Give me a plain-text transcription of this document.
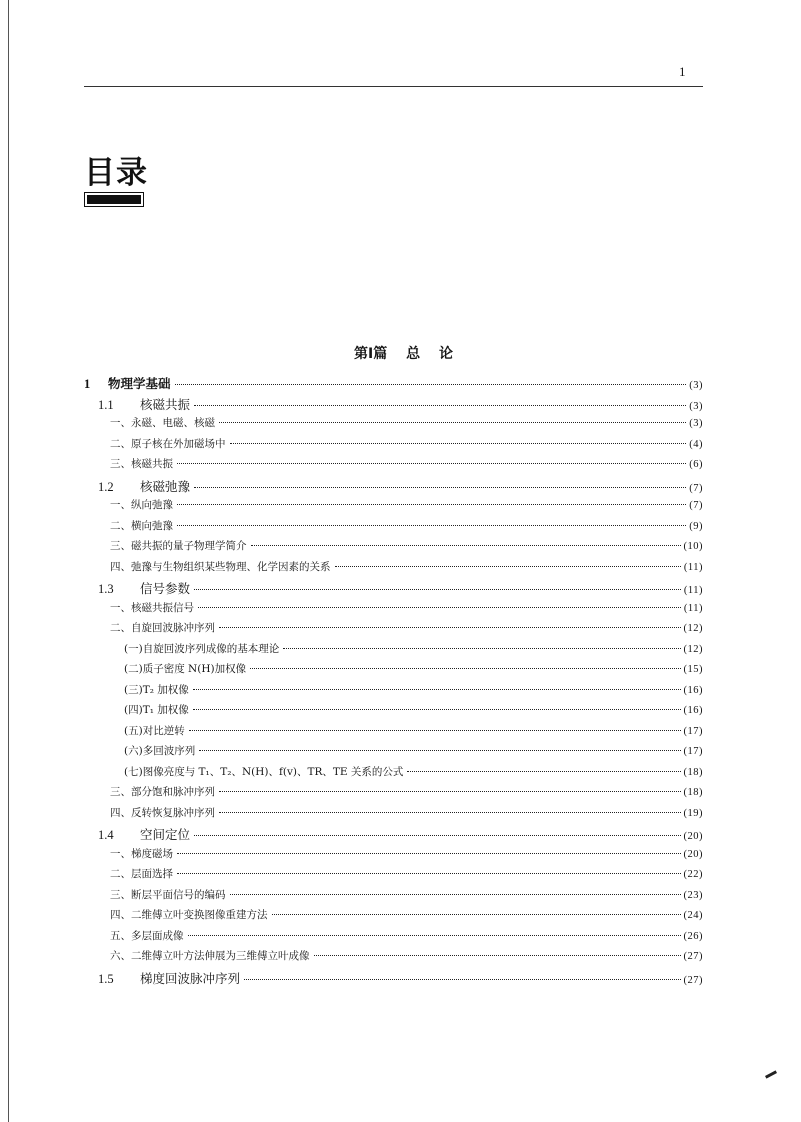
1
目录
第Ⅰ篇 总 论
1 物理学基础	(3)
1.1 核磁共振	(3)
一、永磁、电磁、核磁	(3)
二、原子核在外加磁场中	(4)
三、核磁共振	(6)
1.2 核磁弛豫	(7)
一、纵向弛豫	(7)
二、横向弛豫	(9)
三、磁共振的量子物理学简介	(10)
四、弛豫与生物组织某些物理、化学因素的关系	(11)
1.3 信号参数	(11)
一、核磁共振信号	(11)
二、自旋回波脉冲序列	(12)
(一)自旋回波序列成像的基本理论	(12)
(二)质子密度 N(H)加权像	(15)
(三)T₂ 加权像	(16)
(四)T₁ 加权像	(16)
(五)对比逆转	(17)
(六)多回波序列	(17)
(七)图像亮度与 T₁、T₂、N(H)、f(v)、TR、TE 关系的公式	(18)
三、部分饱和脉冲序列	(18)
四、反转恢复脉冲序列	(19)
1.4 空间定位	(20)
一、梯度磁场	(20)
二、层面选择	(22)
三、断层平面信号的编码	(23)
四、二维傅立叶变换图像重建方法	(24)
五、多层面成像	(26)
六、二维傅立叶方法伸展为三维傅立叶成像	(27)
1.5 梯度回波脉冲序列	(27)
